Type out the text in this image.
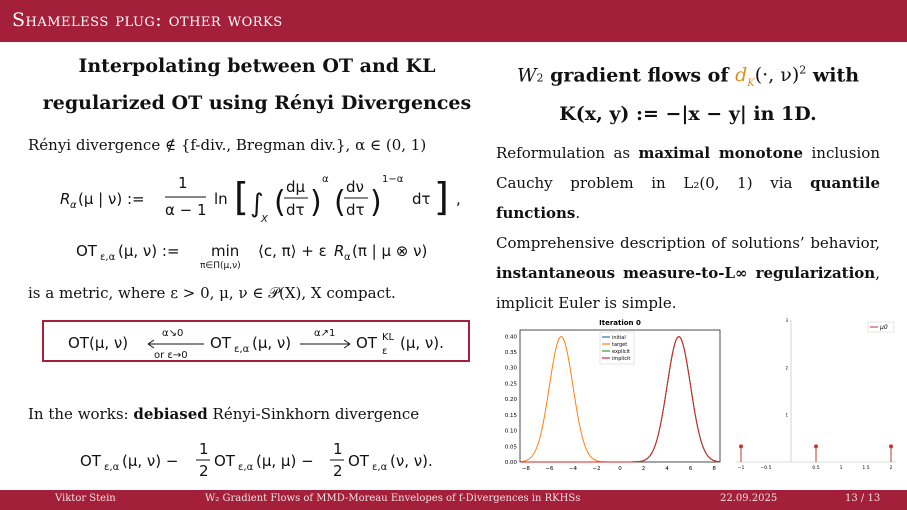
Shameless plug: other works
Interpolating between OT and KL
regularized OT using Rényi Divergences
Rényi divergence ∉ {f-div., Bregman div.}, α ∈ (0, 1)
R α (μ | ν) :=
1
α − 1
ln [ ∫
X ( dμ
dτ )
α
( dν
dτ )
1−α
dτ ] ,
OT ε,α (μ, ν) := min
π∈Π(μ,ν)
⟨c, π⟩ + ε R α (π | μ ⊗ ν)
is a metric, where ε > 0, μ, ν ∈ 𝒫(X), X compact.
OT(μ, ν)
α↘0
or ε→0
OT ε,α (μ, ν)
α↗1
OT KL
ε (μ, ν).
In the works: debiased Rényi-Sinkhorn divergence
OT ε,α (μ, ν) −
1
2
OT ε,α (μ, μ) −
1
2
OT ε,α (ν, ν).
W2 gradient flows of $d_K(\cdot$, ν)$^2$ with
K(x, y) := −|x − y| in 1D.
Reformulation as maximal monotone inclusion Cauchy problem in L₂(0, 1) via quantile functions.
Comprehensive description of solutions’ behavior, instantaneous measure-to-L∞ regularization, implicit Euler is simple.
Iteration 0
0.00
0.05
0.10
0.15
0.20
0.25
0.30
0.35
0.40
−8	−6	−4	−2	0	2	4	6	8
initial
target
explicit
implicit
1
2
3
−1	−0.5	0.5	1	1.5	2
μ0
Viktor Stein	W₂ Gradient Flows of MMD-Moreau Envelopes of f-Divergences in RKHSs	22.09.2025	13 / 13
